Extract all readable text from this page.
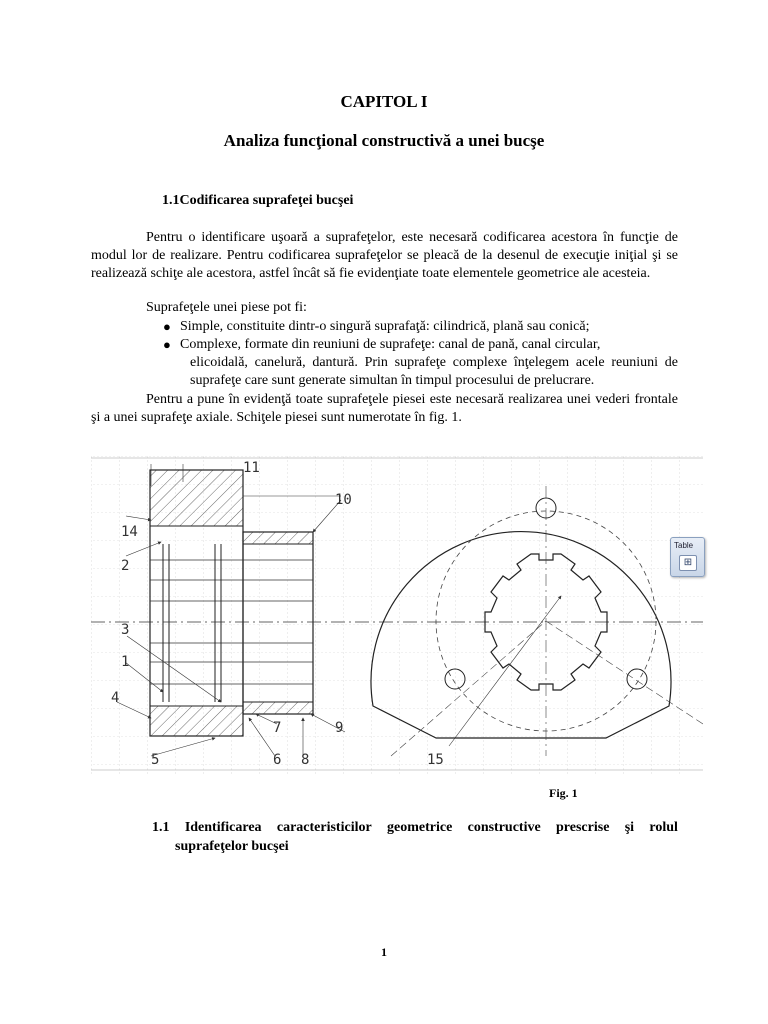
CAPITOL I
Analiza funcţional constructivă a unei bucşe
1.1Codificarea suprafeţei bucşei
Pentru o identificare uşoară a suprafeţelor, este necesară codificarea acestora în funcţie de modul lor de realizare. Pentru codificarea suprafeţelor se pleacă de la desenul de execuţie iniţial şi se realizează schiţe ale acestora, astfel încât să fie evidenţiate toate elementele geometrice ale acesteia.
Suprafeţele unei piese pot fi:
● Simple, constituite dintr-o singură suprafaţă: cilindrică, plană sau conică;
● Complexe, formate din reuniuni de suprafeţe: canal de pană, canal circular,
elicoidală, canelură, dantură. Prin suprafeţe complexe înţelegem acele reuniuni de suprafeţe care sunt generate simultan în timpul procesului de prelucrare.
Pentru a pune în evidenţă toate suprafeţele piesei este necesară realizarea unei vederi frontale şi a unei suprafeţe axiale. Schiţele piesei sunt numerotate în fig. 1.
11
10
14
2
3
1
4
5	6 8
7	9
15
Table
⊞
Fig. 1
1.1 Identificarea caracteristicilor geometrice constructive prescrise şi rolul
suprafeţelor bucşei
1
